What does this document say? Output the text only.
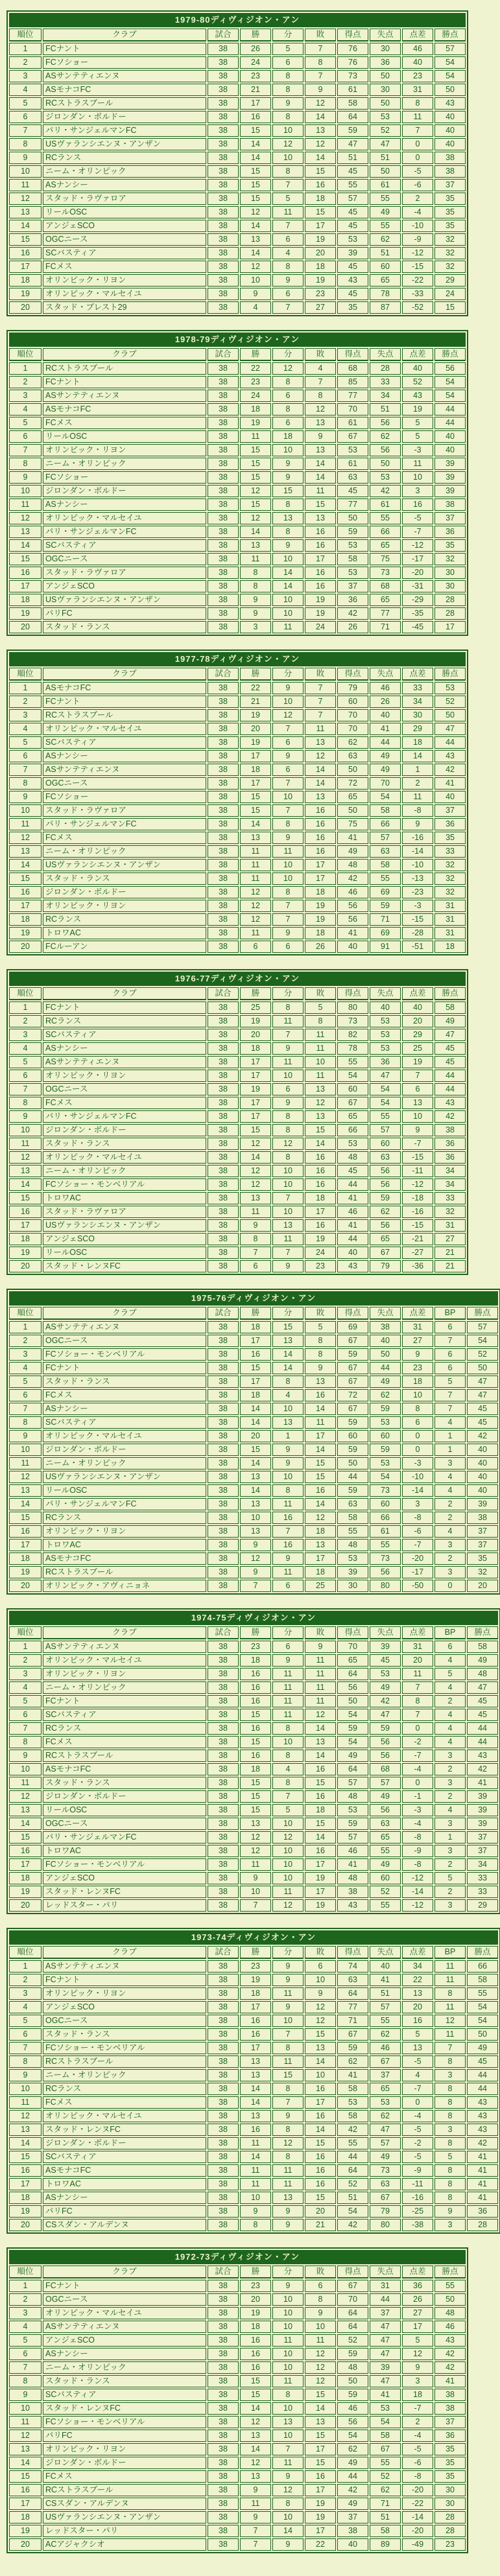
1979-80ディヴィジオン・アン									
順位	クラブ	試合	勝	分	敗	得点	失点	点差	勝点
1	FCナント	38	26	5	7	76	30	46	57
2	FCソショー	38	24	6	8	76	36	40	54
3	ASサンテティエンヌ	38	23	8	7	73	50	23	54
4	ASモナコFC	38	21	8	9	61	30	31	50
5	RCストラスブール	38	17	9	12	58	50	8	43
6	ジロンダン・ボルドー	38	16	8	14	64	53	11	40
7	パリ・サンジェルマンFC	38	15	10	13	59	52	7	40
8	USヴァランシエンヌ・アンザン	38	14	12	12	47	47	0	40
9	RCランス	38	14	10	14	51	51	0	38
10	ニーム・オリンピック	38	15	8	15	45	50	-5	38
11	ASナンシー	38	15	7	16	55	61	-6	37
12	スタッド・ラヴァロア	38	15	5	18	57	55	2	35
13	リールOSC	38	12	11	15	45	49	-4	35
14	アンジェSCO	38	14	7	17	45	55	-10	35
15	OGCニース	38	13	6	19	53	62	-9	32
16	SCバスティア	38	14	4	20	39	51	-12	32
17	FCメス	38	12	8	18	45	60	-15	32
18	オリンピック・リヨン	38	10	9	19	43	65	-22	29
19	オリンピック・マルセイユ	38	9	6	23	45	78	-33	24
20	スタッド・ブレスト29	38	4	7	27	35	87	-52	15
1978-79ディヴィジオン・アン									
順位	クラブ	試合	勝	分	敗	得点	失点	点差	勝点
1	RCストラスブール	38	22	12	4	68	28	40	56
2	FCナント	38	23	8	7	85	33	52	54
3	ASサンテティエンヌ	38	24	6	8	77	34	43	54
4	ASモナコFC	38	18	8	12	70	51	19	44
5	FCメス	38	19	6	13	61	56	5	44
6	リールOSC	38	11	18	9	67	62	5	40
7	オリンピック・リヨン	38	15	10	13	53	56	-3	40
8	ニーム・オリンピック	38	15	9	14	61	50	11	39
9	FCソショー	38	15	9	14	63	53	10	39
10	ジロンダン・ボルドー	38	12	15	11	45	42	3	39
11	ASナンシー	38	15	8	15	77	61	16	38
12	オリンピック・マルセイユ	38	12	13	13	50	55	-5	37
13	パリ・サンジェルマンFC	38	14	8	16	59	66	-7	36
14	SCバスティア	38	13	9	16	53	65	-12	35
15	OGCニース	38	11	10	17	58	75	-17	32
16	スタッド・ラヴァロア	38	8	14	16	53	73	-20	30
17	アンジェSCO	38	8	14	16	37	68	-31	30
18	USヴァランシエンヌ・アンザン	38	9	10	19	36	65	-29	28
19	パリFC	38	9	10	19	42	77	-35	28
20	スタッド・ランス	38	3	11	24	26	71	-45	17
1977-78ディヴィジオン・アン									
順位	クラブ	試合	勝	分	敗	得点	失点	点差	勝点
1	ASモナコFC	38	22	9	7	79	46	33	53
2	FCナント	38	21	10	7	60	26	34	52
3	RCストラスブール	38	19	12	7	70	40	30	50
4	オリンピック・マルセイユ	38	20	7	11	70	41	29	47
5	SCバスティア	38	19	6	13	62	44	18	44
6	ASナンシー	38	17	9	12	63	49	14	43
7	ASサンテティエンヌ	38	18	6	14	50	49	1	42
8	OGCニース	38	17	7	14	72	70	2	41
9	FCソショー	38	15	10	13	65	54	11	40
10	スタッド・ラヴァロア	38	15	7	16	50	58	-8	37
11	パリ・サンジェルマンFC	38	14	8	16	75	66	9	36
12	FCメス	38	13	9	16	41	57	-16	35
13	ニーム・オリンピック	38	11	11	16	49	63	-14	33
14	USヴァランシエンヌ・アンザン	38	11	10	17	48	58	-10	32
15	スタッド・ランス	38	11	10	17	42	55	-13	32
16	ジロンダン・ボルドー	38	12	8	18	46	69	-23	32
17	オリンピック・リヨン	38	12	7	19	56	59	-3	31
18	RCランス	38	12	7	19	56	71	-15	31
19	トロワAC	38	11	9	18	41	69	-28	31
20	FCルーアン	38	6	6	26	40	91	-51	18
1976-77ディヴィジオン・アン									
順位	クラブ	試合	勝	分	敗	得点	失点	点差	勝点
1	FCナント	38	25	8	5	80	40	40	58
2	RCランス	38	19	11	8	73	53	20	49
3	SCバスティア	38	20	7	11	82	53	29	47
4	ASナンシー	38	18	9	11	78	53	25	45
5	ASサンテティエンヌ	38	17	11	10	55	36	19	45
6	オリンピック・リヨン	38	17	10	11	54	47	7	44
7	OGCニース	38	19	6	13	60	54	6	44
8	FCメス	38	17	9	12	67	54	13	43
9	パリ・サンジェルマンFC	38	17	8	13	65	55	10	42
10	ジロンダン・ボルドー	38	15	8	15	66	57	9	38
11	スタッド・ランス	38	12	12	14	53	60	-7	36
12	オリンピック・マルセイユ	38	14	8	16	48	63	-15	36
13	ニーム・オリンピック	38	12	10	16	45	56	-11	34
14	FCソショー・モンベリアル	38	12	10	16	44	56	-12	34
15	トロワAC	38	13	7	18	41	59	-18	33
16	スタッド・ラヴァロア	38	11	10	17	46	62	-16	32
17	USヴァランシエンヌ・アンザン	38	9	13	16	41	56	-15	31
18	アンジェSCO	38	8	11	19	44	65	-21	27
19	リールOSC	38	7	7	24	40	67	-27	21
20	スタッド・レンヌFC	38	6	9	23	43	79	-36	21
1975-76ディヴィジオン・アン										
順位	クラブ	試合	勝	分	敗	得点	失点	点差	BP	勝点
1	ASサンテティエンヌ	38	18	15	5	69	38	31	6	57
2	OGCニース	38	17	13	8	67	40	27	7	54
3	FCソショー・モンベリアル	38	16	14	8	59	50	9	6	52
4	FCナント	38	15	14	9	67	44	23	6	50
5	スタッド・ランス	38	17	8	13	67	49	18	5	47
6	FCメス	38	18	4	16	72	62	10	7	47
7	ASナンシー	38	14	10	14	67	59	8	7	45
8	SCバスティア	38	14	13	11	59	53	6	4	45
9	オリンピック・マルセイユ	38	20	1	17	60	60	0	1	42
10	ジロンダン・ボルドー	38	15	9	14	59	59	0	1	40
11	ニーム・オリンピック	38	14	9	15	50	53	-3	3	40
12	USヴァランシエンヌ・アンザン	38	13	10	15	44	54	-10	4	40
13	リールOSC	38	14	8	16	59	73	-14	4	40
14	パリ・サンジェルマンFC	38	13	11	14	63	60	3	2	39
15	RCランス	38	10	16	12	58	66	-8	2	38
16	オリンピック・リヨン	38	13	7	18	55	61	-6	4	37
17	トロワAC	38	9	16	13	48	55	-7	3	37
18	ASモナコFC	38	12	9	17	53	73	-20	2	35
19	RCストラスブール	38	9	11	18	39	56	-17	3	32
20	オリンピック・アヴィニョネ	38	7	6	25	30	80	-50	0	20
1974-75ディヴィジオン・アン										
順位	クラブ	試合	勝	分	敗	得点	失点	点差	BP	勝点
1	ASサンテティエンヌ	38	23	6	9	70	39	31	6	58
2	オリンピック・マルセイユ	38	18	9	11	65	45	20	4	49
3	オリンピック・リヨン	38	16	11	11	64	53	11	5	48
4	ニーム・オリンピック	38	16	11	11	56	49	7	4	47
5	FCナント	38	16	11	11	50	42	8	2	45
6	SCバスティア	38	15	11	12	54	47	7	4	45
7	RCランス	38	16	8	14	59	59	0	4	44
8	FCメス	38	15	10	13	54	56	-2	4	44
9	RCストラスブール	38	16	8	14	49	56	-7	3	43
10	ASモナコFC	38	18	4	16	64	68	-4	2	42
11	スタッド・ランス	38	15	8	15	57	57	0	3	41
12	ジロンダン・ボルドー	38	15	7	16	48	49	-1	2	39
13	リールOSC	38	15	5	18	53	56	-3	4	39
14	OGCニース	38	13	10	15	59	63	-4	3	39
15	パリ・サンジェルマンFC	38	12	12	14	57	65	-8	1	37
16	トロワAC	38	12	10	16	46	55	-9	3	37
17	FCソショー・モンベリアル	38	11	10	17	41	49	-8	2	34
18	アンジェSCO	38	9	10	19	48	60	-12	5	33
19	スタッド・レンヌFC	38	10	11	17	38	52	-14	2	33
20	レッドスター・パリ	38	7	12	19	43	55	-12	3	29
1973-74ディヴィジオン・アン										
順位	クラブ	試合	勝	分	敗	得点	失点	点差	BP	勝点
1	ASサンテティエンヌ	38	23	9	6	74	40	34	11	66
2	FCナント	38	19	9	10	63	41	22	11	58
3	オリンピック・リヨン	38	18	11	9	64	51	13	8	55
4	アンジェSCO	38	17	9	12	77	57	20	11	54
5	OGCニース	38	16	10	12	71	55	16	12	54
6	スタッド・ランス	38	16	7	15	67	62	5	11	50
7	FCソショー・モンベリアル	38	17	8	13	59	46	13	7	49
8	RCストラスブール	38	13	11	14	62	67	-5	8	45
9	ニーム・オリンピック	38	13	15	10	41	37	4	3	44
10	RCランス	38	14	8	16	58	65	-7	8	44
11	FCメス	38	14	7	17	53	53	0	8	43
12	オリンピック・マルセイユ	38	13	9	16	58	62	-4	8	43
13	スタッド・レンヌFC	38	16	8	14	42	47	-5	3	43
14	ジロンダン・ボルドー	38	11	12	15	55	57	-2	8	42
15	SCバスティア	38	14	8	16	44	49	-5	5	41
16	ASモナコFC	38	11	11	16	64	73	-9	8	41
17	トロワAC	38	11	11	16	52	63	-11	8	41
18	ASナンシー	38	10	13	15	51	67	-16	8	41
19	パリFC	38	9	9	20	54	79	-25	9	36
20	CSスダン・アルデンヌ	38	8	9	21	42	80	-38	3	28
1972-73ディヴィジオン・アン									
順位	クラブ	試合	勝	分	敗	得点	失点	点差	勝点
1	FCナント	38	23	9	6	67	31	36	55
2	OGCニース	38	20	10	8	70	44	26	50
3	オリンピック・マルセイユ	38	19	10	9	64	37	27	48
4	ASサンテティエンヌ	38	18	10	10	64	47	17	46
5	アンジェSCO	38	16	11	11	52	47	5	43
6	ASナンシー	38	16	10	12	59	47	12	42
7	ニーム・オリンピック	38	16	10	12	48	39	9	42
8	スタッド・ランス	38	15	11	12	50	47	3	41
9	SCバスティア	38	15	8	15	59	41	18	38
10	スタッド・レンヌFC	38	14	10	14	46	53	-7	38
11	FCソショー・モンベリアル	38	12	13	13	56	54	2	37
12	パリFC	38	13	10	15	54	58	-4	36
13	オリンピック・リヨン	38	14	7	17	62	67	-5	35
14	ジロンダン・ボルドー	38	12	11	15	49	55	-6	35
15	FCメス	38	13	9	16	44	52	-8	35
16	RCストラスブール	38	9	12	17	42	62	-20	30
17	CSスダン・アルデンヌ	38	11	8	19	49	71	-22	30
18	USヴァランシエンヌ・アンザン	38	9	10	19	37	51	-14	28
19	レッドスター・パリ	38	7	14	17	38	58	-20	28
20	ACアジャクシオ	38	7	9	22	40	89	-49	23
